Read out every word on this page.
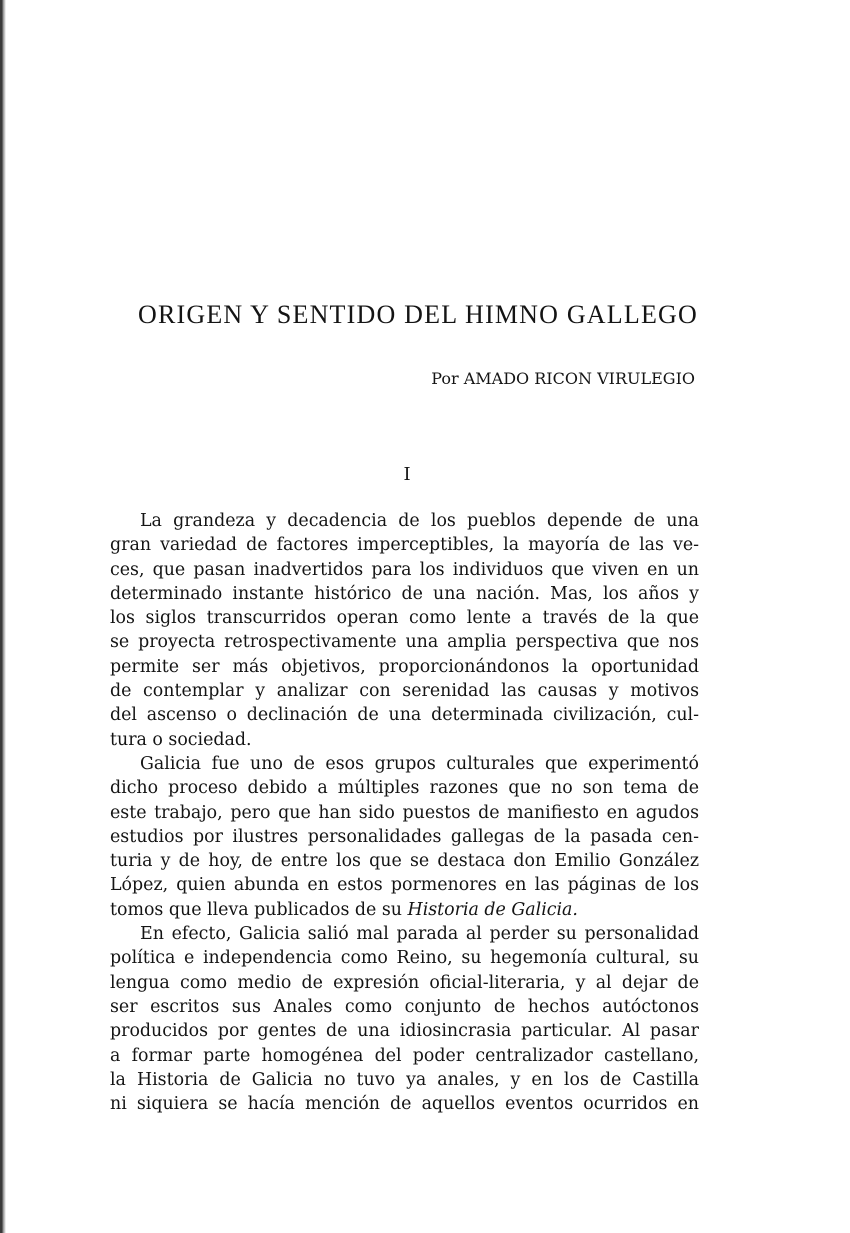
ORIGEN Y SENTIDO DEL HIMNO GALLEGO

Por AMADO RICON VIRULEGIO

I

La grandeza y decadencia de los pueblos depende de una
gran variedad de factores imperceptibles, la mayoría de las ve-
ces, que pasan inadvertidos para los individuos que viven en un
determinado instante histórico de una nación. Mas, los años y
los siglos transcurridos operan como lente a través de la que
se proyecta retrospectivamente una amplia perspectiva que nos
permite ser más objetivos, proporcionándonos la oportunidad
de contemplar y analizar con serenidad las causas y motivos
del ascenso o declinación de una determinada civilización, cul-
tura o sociedad.

Galicia fue uno de esos grupos culturales que experimentó
dicho proceso debido a múltiples razones que no son tema de
este trabajo, pero que han sido puestos de manifiesto en agudos
estudios por ilustres personalidades gallegas de la pasada cen-
turia y de hoy, de entre los que se destaca don Emilio González
López, quien abunda en estos pormenores en las páginas de los
tomos que lleva publicados de su Historia de Galicia.

En efecto, Galicia salió mal parada al perder su personalidad
política e independencia como Reino, su hegemonía cultural, su
lengua como medio de expresión oficial-literaria, y al dejar de
ser escritos sus Anales como conjunto de hechos autóctonos
producidos por gentes de una idiosincrasia particular. Al pasar
a formar parte homogénea del poder centralizador castellano,
la Historia de Galicia no tuvo ya anales, y en los de Castilla
ni siquiera se hacía mención de aquellos eventos ocurridos en
